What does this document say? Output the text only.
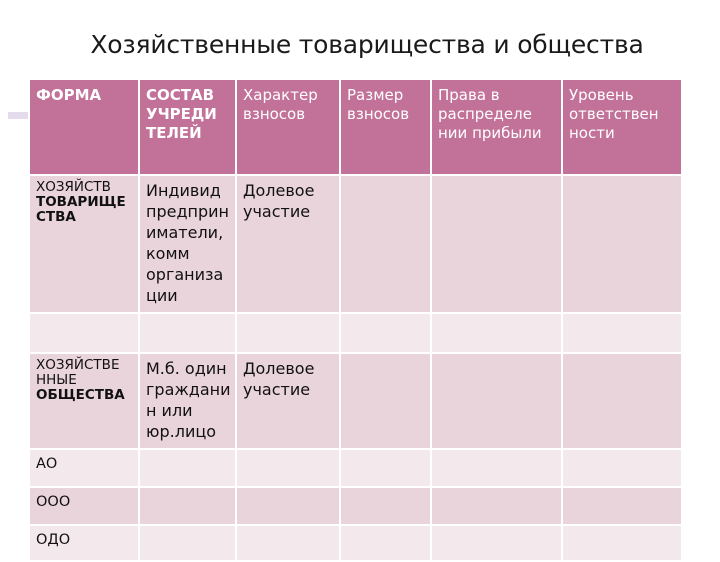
Хозяйственные товарищества и общества
ФОРМА	СОСТАВ УЧРЕДИ ТЕЛЕЙ	Характер взносов	Размер взносов	Права в распределе нии прибыли	Уровень ответствен ности

ХОЗЯЙСТВ
ТОВАРИЩЕ
СТВА	Индивид предприн иматели, комм организа ции	Долевое участие			

ХОЗЯЙСТВЕ
ННЫЕ
ОБЩЕСТВА	М.б. один граждани н или юр.лицо	Долевое участие			
АО					
ООО					
ОДО					
